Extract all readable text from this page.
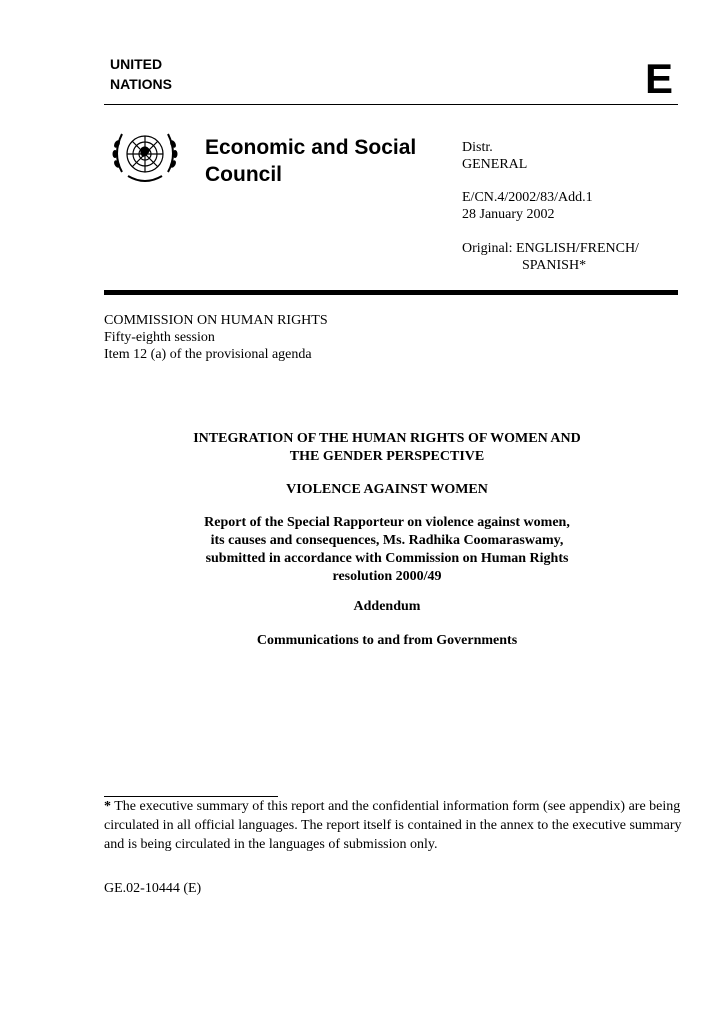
UNITED
NATIONS	E
Economic and Social
Council
Distr.
GENERAL
E/CN.4/2002/83/Add.1
28 January 2002
Original: ENGLISH/FRENCH/
SPANISH*
COMMISSION ON HUMAN RIGHTS
Fifty-eighth session
Item 12 (a) of the provisional agenda
INTEGRATION OF THE HUMAN RIGHTS OF WOMEN AND
THE GENDER PERSPECTIVE
VIOLENCE AGAINST WOMEN
Report of the Special Rapporteur on violence against women,
its causes and consequences, Ms. Radhika Coomaraswamy,
submitted in accordance with Commission on Human Rights
resolution 2000/49
Addendum
Communications to and from Governments
* The executive summary of this report and the confidential information form (see appendix) are being circulated in all official languages. The report itself is contained in the annex to the executive summary and is being circulated in the languages of submission only.
GE.02-10444 (E)
